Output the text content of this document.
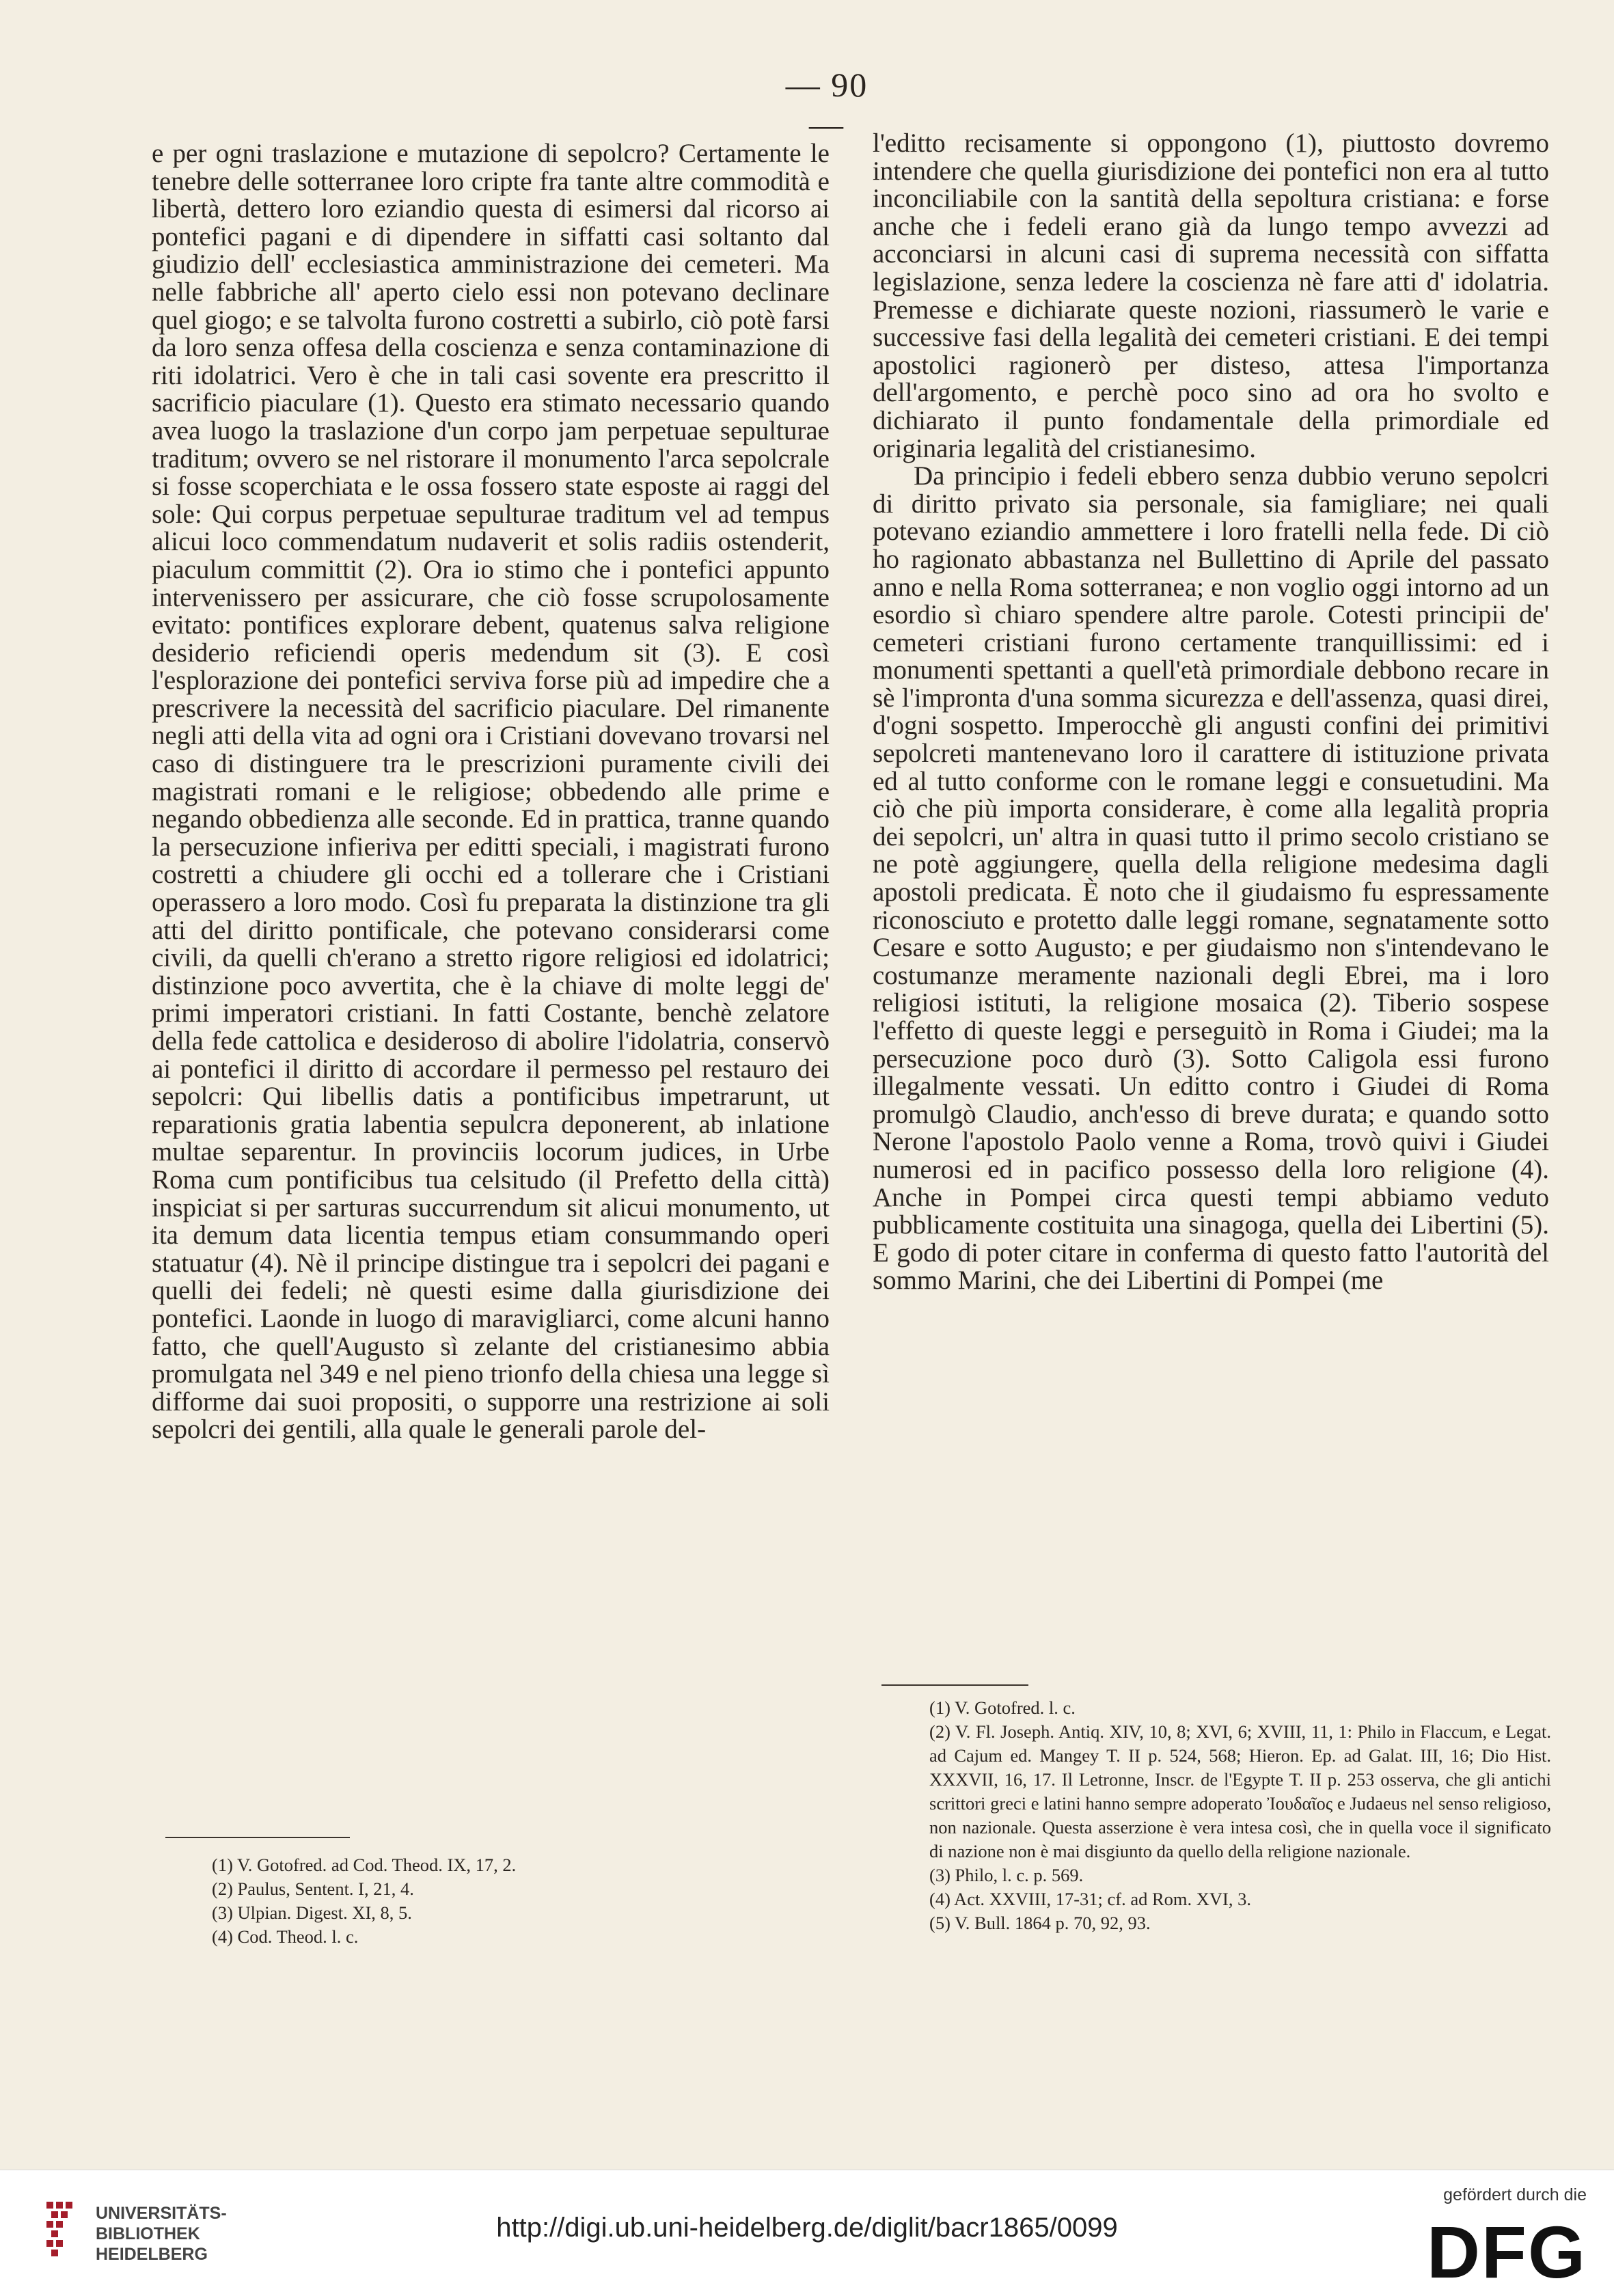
— 90 —

e per ogni traslazione e mutazione di sepolcro? Certamente le tenebre delle sotterranee loro cripte fra tante altre commodità e libertà, dettero loro eziandio questa di esimersi dal ricorso ai pontefici pagani e di dipendere in siffatti casi soltanto dal giudizio dell' ecclesiastica amministrazione dei cemeteri. Ma nelle fabbriche all' aperto cielo essi non potevano declinare quel giogo; e se talvolta furono costretti a subirlo, ciò potè farsi da loro senza offesa della coscienza e senza contaminazione di riti idolatrici. Vero è che in tali casi sovente era prescritto il sacrificio piaculare (1). Questo era stimato necessario quando avea luogo la traslazione d'un corpo jam perpetuae sepulturae traditum; ovvero se nel ristorare il monumento l'arca sepolcrale si fosse scoperchiata e le ossa fossero state esposte ai raggi del sole: Qui corpus perpetuae sepulturae traditum vel ad tempus alicui loco commendatum nudaverit et solis radiis ostenderit, piaculum committit (2). Ora io stimo che i pontefici appunto intervenissero per assicurare, che ciò fosse scrupolosamente evitato: pontifices explorare debent, quatenus salva religione desiderio reficiendi operis medendum sit (3). E così l'esplorazione dei pontefici serviva forse più ad impedire che a prescrivere la necessità del sacrificio piaculare. Del rimanente negli atti della vita ad ogni ora i Cristiani dovevano trovarsi nel caso di distinguere tra le prescrizioni puramente civili dei magistrati romani e le religiose; obbedendo alle prime e negando obbedienza alle seconde. Ed in prattica, tranne quando la persecuzione infieriva per editti speciali, i magistrati furono costretti a chiudere gli occhi ed a tollerare che i Cristiani operassero a loro modo. Così fu preparata la distinzione tra gli atti del diritto pontificale, che potevano considerarsi come civili, da quelli ch'erano a stretto rigore religiosi ed idolatrici; distinzione poco avvertita, che è la chiave di molte leggi de' primi imperatori cristiani. In fatti Costante, benchè zelatore della fede cattolica e desideroso di abolire l'idolatria, conservò ai pontefici il diritto di accordare il permesso pel restauro dei sepolcri: Qui libellis datis a pontificibus impetrarunt, ut reparationis gratia labentia sepulcra deponerent, ab inlatione multae separentur. In provinciis locorum judices, in Urbe Roma cum pontificibus tua celsitudo (il Prefetto della città) inspiciat si per sarturas succurrendum sit alicui monumento, ut ita demum data licentia tempus etiam consummando operi statuatur (4). Nè il principe distingue tra i sepolcri dei pagani e quelli dei fedeli; nè questi esime dalla giurisdizione dei pontefici. Laonde in luogo di maravigliarci, come alcuni hanno fatto, che quell'Augusto sì zelante del cristianesimo abbia promulgata nel 349 e nel pieno trionfo della chiesa una legge sì difforme dai suoi propositi, o supporre una restrizione ai soli sepolcri dei gentili, alla quale le generali parole del-

l'editto recisamente si oppongono (1), piuttosto dovremo intendere che quella giurisdizione dei pontefici non era al tutto inconciliabile con la santità della sepoltura cristiana: e forse anche che i fedeli erano già da lungo tempo avvezzi ad acconciarsi in alcuni casi di suprema necessità con siffatta legislazione, senza ledere la coscienza nè fare atti d' idolatria. Premesse e dichiarate queste nozioni, riassumerò le varie e successive fasi della legalità dei cemeteri cristiani. E dei tempi apostolici ragionerò per disteso, attesa l'importanza dell'argomento, e perchè poco sino ad ora ho svolto e dichiarato il punto fondamentale della primordiale ed originaria legalità del cristianesimo.

Da principio i fedeli ebbero senza dubbio veruno sepolcri di diritto privato sia personale, sia famigliare; nei quali potevano eziandio ammettere i loro fratelli nella fede. Di ciò ho ragionato abbastanza nel Bullettino di Aprile del passato anno e nella Roma sotterranea; e non voglio oggi intorno ad un esordio sì chiaro spendere altre parole. Cotesti principii de' cemeteri cristiani furono certamente tranquillissimi: ed i monumenti spettanti a quell'età primordiale debbono recare in sè l'impronta d'una somma sicurezza e dell'assenza, quasi direi, d'ogni sospetto. Imperocchè gli angusti confini dei primitivi sepolcreti mantenevano loro il carattere di istituzione privata ed al tutto conforme con le romane leggi e consuetudini. Ma ciò che più importa considerare, è come alla legalità propria dei sepolcri, un' altra in quasi tutto il primo secolo cristiano se ne potè aggiungere, quella della religione medesima dagli apostoli predicata. È noto che il giudaismo fu espressamente riconosciuto e protetto dalle leggi romane, segnatamente sotto Cesare e sotto Augusto; e per giudaismo non s'intendevano le costumanze meramente nazionali degli Ebrei, ma i loro religiosi istituti, la religione mosaica (2). Tiberio sospese l'effetto di queste leggi e perseguitò in Roma i Giudei; ma la persecuzione poco durò (3). Sotto Caligola essi furono illegalmente vessati. Un editto contro i Giudei di Roma promulgò Claudio, anch'esso di breve durata; e quando sotto Nerone l'apostolo Paolo venne a Roma, trovò quivi i Giudei numerosi ed in pacifico possesso della loro religione (4). Anche in Pompei circa questi tempi abbiamo veduto pubblicamente costituita una sinagoga, quella dei Libertini (5). E godo di poter citare in conferma di questo fatto l'autorità del sommo Marini, che dei Libertini di Pompei (me

(1) V. Gotofred. ad Cod. Theod. IX, 17, 2.

(2) Paulus, Sentent. I, 21, 4.

(3) Ulpian. Digest. XI, 8, 5.

(4) Cod. Theod. l. c.

(1) V. Gotofred. l. c.

(2) V. Fl. Joseph. Antiq. XIV, 10, 8; XVI, 6; XVIII, 11, 1: Philo in Flaccum, e Legat. ad Cajum ed. Mangey T. II p. 524, 568; Hieron. Ep. ad Galat. III, 16; Dio Hist. XXXVII, 16, 17. Il Letronne, Inscr. de l'Egypte T. II p. 253 osserva, che gli antichi scrittori greci e latini hanno sempre adoperato Ἰουδαῖος e Judaeus nel senso religioso, non nazionale. Questa asserzione è vera intesa così, che in quella voce il significato di nazione non è mai disgiunto da quello della religione nazionale.

(3) Philo, l. c. p. 569.

(4) Act. XXVIII, 17-31; cf. ad Rom. XVI, 3.

(5) V. Bull. 1864 p. 70, 92, 93.

UNIVERSITÄTS-
BIBLIOTHEK
HEIDELBERG
http://digi.ub.uni-heidelberg.de/diglit/bacr1865/0099
gefördert durch die
DFG
